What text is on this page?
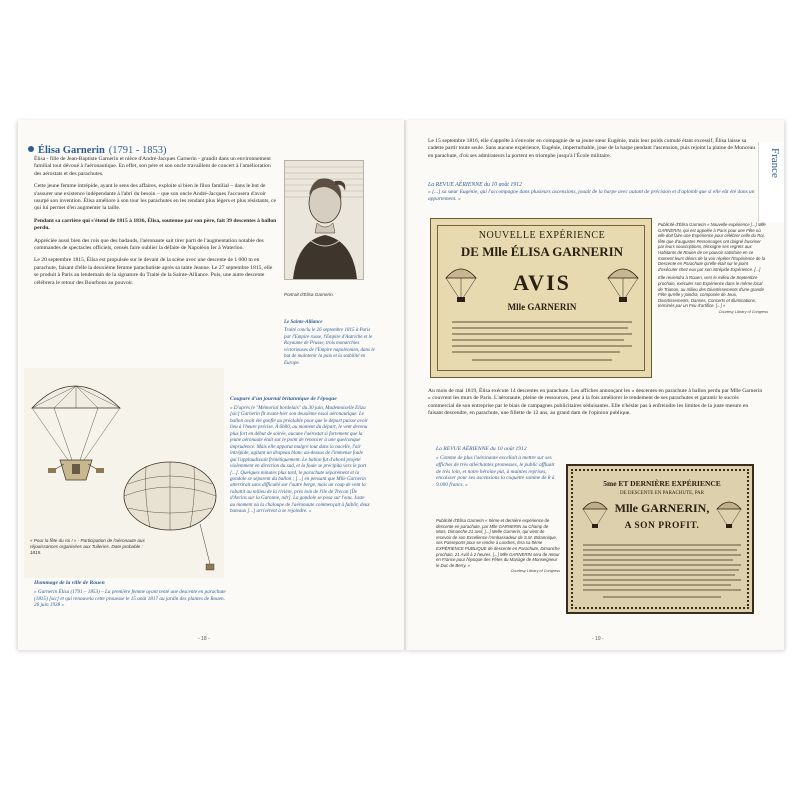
Élisa Garnerin (1791 - 1853)

Élisa - fille de Jean-Baptiste Garnerin et nièce d'André-Jacques Garnerin - grandit dans un environnement familial tout dévoué à l'aéronautique. En effet, son père et son oncle travaillent de concert à l'amélioration des aérostats et des parachutes.

Cette jeune femme intrépide, ayant le sens des affaires, exploite si bien le filon familial – dans le but de s'assurer une existence indépendante à l'abri du besoin – que son oncle André-Jacques l'accusera d'avoir usurpé son invention. Élisa améliore à son tour les parachutes en les rendant plus légers et plus résistants, ce qui lui permet d'en augmenter la taille.

Pendant sa carrière qui s'étend de 1815 à 1836, Élisa, soutenue par son père, fait 39 descentes à ballon perdu.

Appréciée aussi bien des rois que des badauds, l'aéronaute sait tirer parti de l'augmentation notable des commandes de spectacles officiels, censés faire oublier la défaite de Napoléon Ier à Waterloo.

Le 20 septembre 1815, Élisa est propulsée sur le devant de la scène avec une descente de 1 000 m en parachute, faisant d'elle la deuxième femme parachutiste après sa tante Jeanne. Le 27 septembre 1815, elle se produit à Paris au lendemain de la signature du Traité de la Sainte-Alliance. Puis, une autre descente célébrera le retour des Bourbons au pouvoir.

Portrait d'Élisa Garnerin.
Le Sainte-Alliance
Traité conclu le 26 septembre 1815 à Paris par l'Empire russe, l'Empire d'Autriche et le Royaume de Prusse, trois monarchies victorieuses de l'Empire napoléonien, dans le but de maintenir la paix et la stabilité en Europe.
« Pour la fête du roi ! » - Participation de l'aéronaute aux réjouissances organisées aux Tuileries. Date probable : 1815.
Coupure d'un journal britannique de l'époque
« D'après le "Mémorial bordelais" du 30 juin, Mademoiselle Eliza [sic] Garnerin fit avant-hier son deuxième essai aéronautique. Le ballon avait été gonflé au préalable pour que le départ puisse avoir lieu à l'heure précise. À 6h00, au moment du départ, le vent devenu plus fort en début de soirée, aucune l'aérostat si fortement que la jeune aéronaute était sur le point de renoncer à une quelconque imprudence. Mais elle apparut malgré tout dans la nacelle, l'air intrépide, agitant un drapeau blanc au-dessus de l'immense foule qui l'applaudissait frénétiquement. Le ballon fut d'abord projeté violemment en direction du sud, et la foule se précipita vers le port [...]. Quelques minutes plus tard, le parachute séparément et la gondole se séparent du ballon ; [...] en pensant que Mlle Garnerin atterrirait sans difficulté sur l'autre berge, mais un coup de vent la rabattit au milieu de la rivière, près loin de l'île de Trecon [Île d'Arcins sur la Garonne, ndr]. La gondole se posa sur l'eau. Juste au moment où la chaloupe de l'aéronaute commençait à faiblir, deux bateaux [...] arrivèrent à se rejoindre. »
Hommage de la ville de Rouen
« Garnerin Élisa (1791 – 1853) – La première femme ayant tenté une descente en parachute (1815) [sic] et qui renouvela cette prouesse le 15 août 1817 au jardin des plantes de Rouen. 26 juin 1938 »
- 18 -

Le 15 septembre 1816, elle s'apprête à s'envoler en compagnie de sa jeune sœur Eugénie, mais leur poids cumulé étant excessif, Élisa laisse sa cadette partir toute seule. Sans aucune expérience, Eugénie, imperturbable, joue de la harpe pendant l'ascension, puis rejoint la plaine de Monceau en parachute, d'où ses admirateurs la portent en triomphe jusqu'à l'École militaire.

La REVUE AÉRIENNE du 10 août 1912
« [...] sa sœur Eugénie, qui l'accompagne dans plusieurs ascensions, jouait de la harpe avec autant de précision et d'aplomb que si elle eût été dans un appartement. »
NOUVELLE EXPÉRIENCE
DE Mlle ÉLISA GARNERIN
AVIS
Mlle GARNERIN
Publicité d'Élisa Garnerin « Nouvelle expérience [...] Mlle GARNERIN, qui est appelée à Paris pour une Fête où elle doit faire une Expérience pour célébrer celle du Roi, fête que d'augustes Personnages ont daigné favoriser par leurs souscriptions, témoigne ses regrets aux Habitants de Rouen de ne pouvoir satisfaire en ce moment leurs désirs de la voir répéter l'Expérience de la Descente en Parachute qu'elle était sur le point d'exécuter chez eux par son intrépide Expérience. [...]
Elle reviendra à Rouen, vers le milieu de Septembre prochain, exécuter son Expérience dans le même local de Trianon, au milieu des Divertissements d'une grande Fête qu'elle y joindra, composée de Jeux, Divertissements, Danses, Concerts et Illuminations, terminés par un Feu d'artifice. [...] »
Courtesy Library of Congress

Au mois de mai 1819, Élisa exécute 14 descentes en parachute. Les affiches annonçant les « descentes en parachute à ballon perdu par Mlle Garnerin » couvrent les murs de Paris. L'aéronaute, pleine de ressources, peut à la fois améliorer le rendement de ses parachutes et garantir le succès commercial de son entreprise par le biais de campagnes publicitaires séduisantes. Elle n'hésite pas à enfreindre les limites de la juste mesure en faisant descendre, en parachute, une fillette de 12 ans, au grand dam de l'opinion publique.

La REVUE AÉRIENNE du 10 août 1912
« Comme de plus l'aéronaute excellait à mettre sur ses affiches de très alléchantes promesses, le public affluait de très loin, et notre héroïne put, à maintes reprises, encaisser pour ses ascensions la coquette somme de 8 à 9.000 francs. »
Publicité d'Élisa Garnerin « 5ème et dernière expérience de descente en parachute, par Mlle GARNERIN au Champ de Mars, Dimanche 21 avril, [...] Melle Garnerin, qui vient de recevoir de son Excellence l'Ambassadeur de S.M. Britannique, ses Passeports pour se rendre à Londres, fera sa 5ème EXPÉRIENCE PUBLIQUE de descente en Parachute, Dimanche prochain, 21 Avril à 2 heures. [...] Mlle GARNERIN sera de retour en France pour l'époque des Fêtes du Mariage de Monseigneur le Duc de Berry. »
Courtesy Library of Congress
5me ET DERNIÈRE EXPÉRIENCE
DE DESCENTE EN PARACHUTE, PAR
Mlle GARNERIN,
A SON PROFIT.
- 19 -
France
